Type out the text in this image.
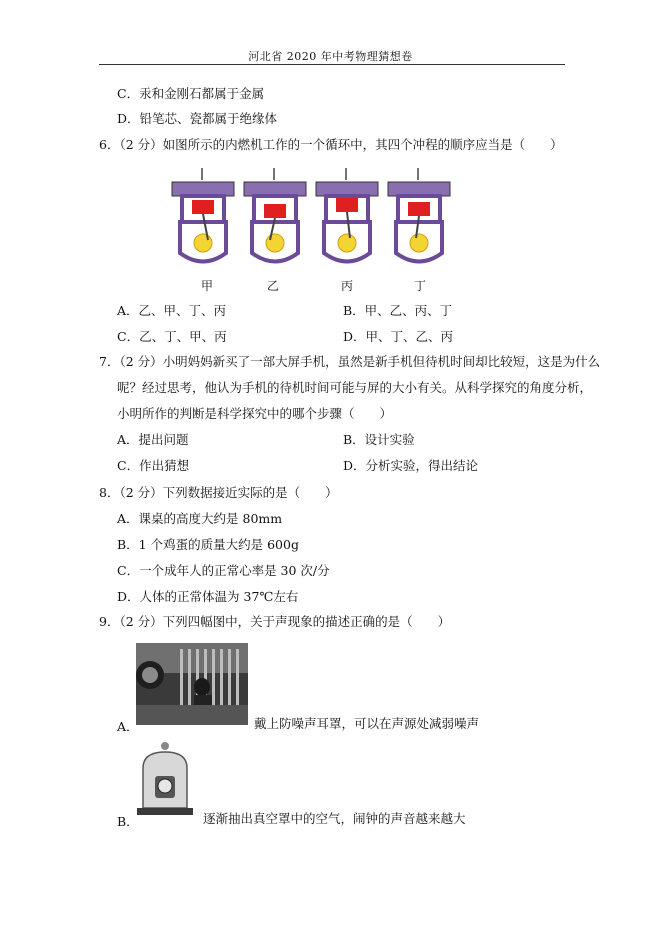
河北省 2020 年中考物理猜想卷
C．汞和金刚石都属于金属
D．铅笔芯、瓷都属于绝缘体
6．（2 分）如图所示的内燃机工作的一个循环中，其四个冲程的顺序应当是（　　）
甲	乙	丙	丁
A．乙、甲、丁、丙	B．甲、乙、丙、丁
C．乙、丁、甲、丙	D．甲、丁、乙、丙
7．（2 分）小明妈妈新买了一部大屏手机，虽然是新手机但待机时间却比较短，这是为什么
呢？经过思考，他认为手机的待机时间可能与屏的大小有关。从科学探究的角度分析，
小明所作的判断是科学探究中的哪个步骤（　　）
A．提出问题	B．设计实验
C．作出猜想	D．分析实验，得出结论
8．（2 分）下列数据接近实际的是（　　）
A．课桌的高度大约是 80mm
B．1 个鸡蛋的质量大约是 600g
C．一个成年人的正常心率是 30 次/分
D．人体的正常体温为 37℃左右
9．（2 分）下列四幅图中，关于声现象的描述正确的是（　　）
A．	戴上防噪声耳罩，可以在声源处减弱噪声
B．	逐渐抽出真空罩中的空气，闹钟的声音越来越大
